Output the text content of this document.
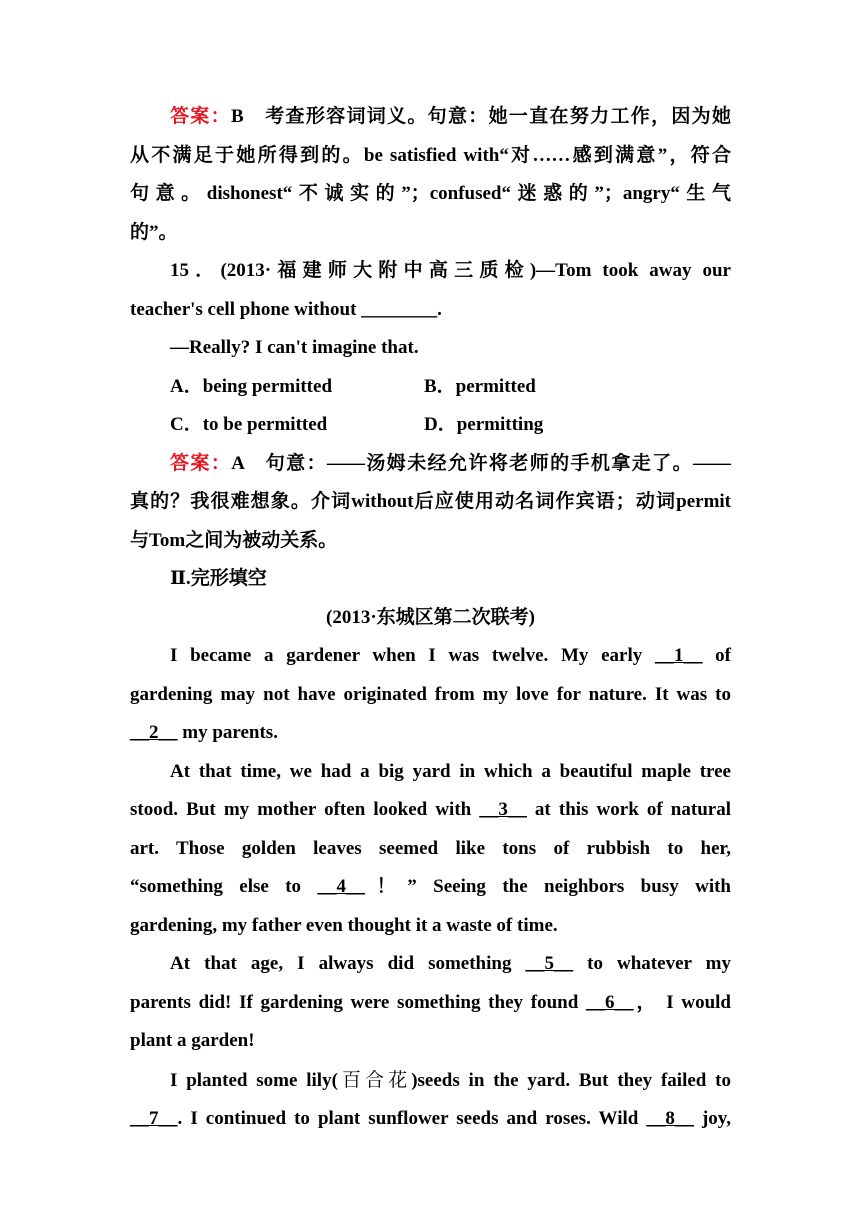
答案：B　考查形容词词义。句意：她一直在努力工作，因为她

从不满足于她所得到的。be satisfied with“对……感到满意”，符合

句意。dishonest“不诚实的”；confused“迷惑的”；angry“生气

的”。

15．(2013·福建师大附中高三质检)—Tom took away our

teacher's cell phone without ________.

—Really? I can't imagine that.

A．being permitted	B．permitted
C．to be permitted	D．permitting

答案：A　句意：——汤姆未经允许将老师的手机拿走了。——

真的？我很难想象。介词without后应使用动名词作宾语；动词permit

与Tom之间为被动关系。

Ⅱ.完形填空

(2013·东城区第二次联考)

I became a gardener when I was twelve. My early __1__ of

gardening may not have originated from my love for nature. It was to

__2__ my parents.

At that time, we had a big yard in which a beautiful maple tree

stood. But my mother often looked with __3__ at this work of natural

art. Those golden leaves seemed like tons of rubbish to her,

“something else to __4__！” Seeing the neighbors busy with

gardening, my father even thought it a waste of time.

At that age, I always did something __5__ to whatever my

parents did! If gardening were something they found __6__， I would

plant a garden!

I planted some lily(百合花)seeds in the yard. But they failed to

__7__. I continued to plant sunflower seeds and roses. Wild __8__ joy,
